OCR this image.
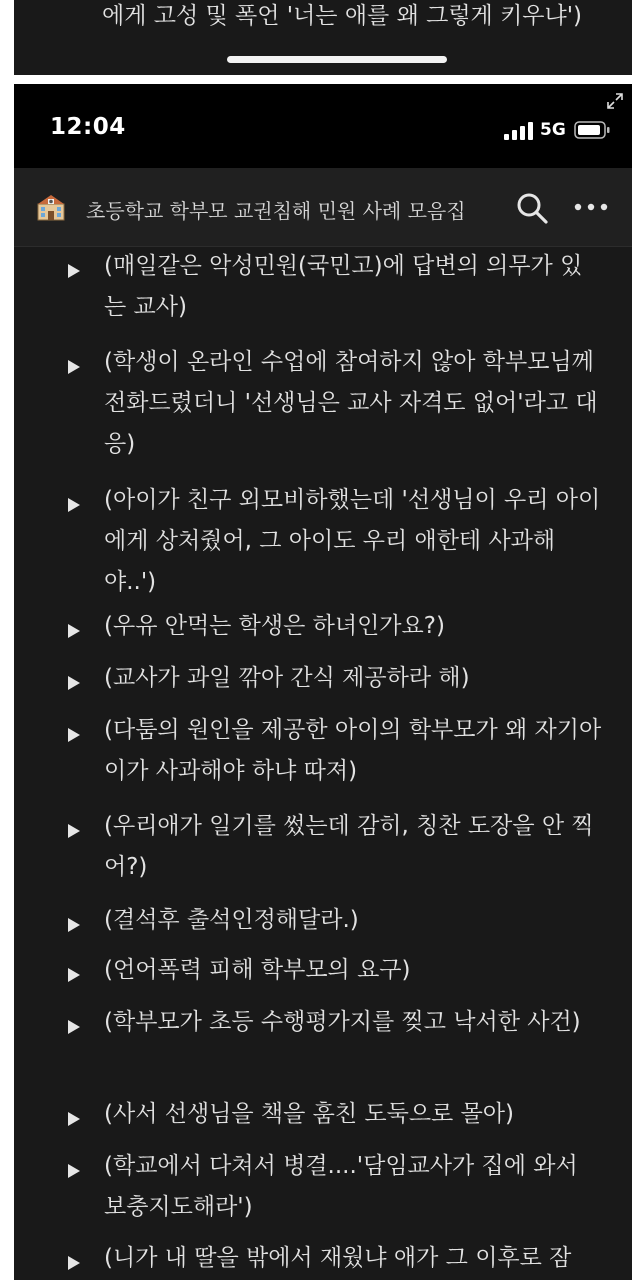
에게 고성 및 폭언 '너는 애를 왜 그렇게 키우냐')
12:04	5G
초등학교 학부모 교권침해 민원 사례 모음집
(매일같은 악성민원(국민고)에 답변의 의무가 있는 교사)
(학생이 온라인 수업에 참여하지 않아 학부모님께 전화드렸더니 '선생님은 교사 자격도 없어'라고 대응)
(아이가 친구 외모비하했는데 '선생님이 우리 아이에게 상처줬어, 그 아이도 우리 애한테 사과해야..')
(우유 안먹는 학생은 하녀인가요?)
(교사가 과일 깎아 간식 제공하라 해)
(다툼의 원인을 제공한 아이의 학부모가 왜 자기아이가 사과해야 하냐 따져)
(우리애가 일기를 썼는데 감히, 칭찬 도장을 안 찍어?)
(결석후 출석인정해달라.)
(언어폭력 피해 학부모의 요구)
(학부모가 초등 수행평가지를 찢고 낙서한 사건)
(사서 선생님을 책을 훔친 도둑으로 몰아)
(학교에서 다쳐서 병결....'담임교사가 집에 와서 보충지도해라')
(니가 내 딸을 밖에서 재웠냐 애가 그 이후로 잠
